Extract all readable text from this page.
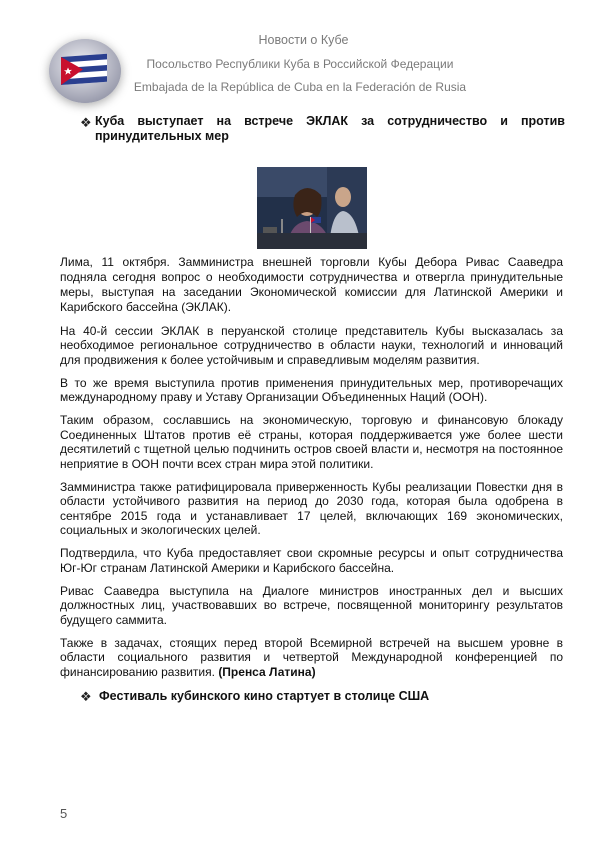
Новости о Кубе
Посольство Республики Куба в Российской Федерации
Embajada de la República de Cuba en la Federación de Rusia
❖ Куба выступает на встрече ЭКЛАК за сотрудничество и против
принудительных мер

Лима, 11 октября. Замминистра внешней торговли Кубы Дебора Ривас Сааведра подняла сегодня вопрос о необходимости сотрудничества и отвергла принудительные меры, выступая на заседании Экономической комиссии для Латинской Америки и Карибского бассейна (ЭКЛАК).

На 40-й сессии ЭКЛАК в перуанской столице представитель Кубы высказалась за необходимое региональное сотрудничество в области науки, технологий и инноваций для продвижения к более устойчивым и справедливым моделям развития.

В то же время выступила против применения принудительных мер, противоречащих международному праву и Уставу Организации Объединенных Наций (ООН).

Таким образом, сославшись на экономическую, торговую и финансовую блокаду Соединенных Штатов против её страны, которая поддерживается уже более шести десятилетий с тщетной целью подчинить остров своей власти и, несмотря на постоянное неприятие в ООН почти всех стран мира этой политики.

Замминистра также ратифицировала приверженность Кубы реализации Повестки дня в области устойчивого развития на период до 2030 года, которая была одобрена в сентябре 2015 года и устанавливает 17 целей, включающих 169 экономических, социальных и экологических целей.

Подтвердила, что Куба предоставляет свои скромные ресурсы и опыт сотрудничества Юг-Юг странам Латинской Америки и Карибского бассейна.

Ривас Сааведра выступила на Диалоге министров иностранных дел и высших должностных лиц, участвовавших во встрече, посвященной мониторингу результатов будущего саммита.

Также в задачах, стоящих перед второй Всемирной встречей на высшем уровне в области социального развития и четвертой Международной конференцией по финансированию развития. (Пренса Латина)

❖ Фестиваль кубинского кино стартует в столице США
5
